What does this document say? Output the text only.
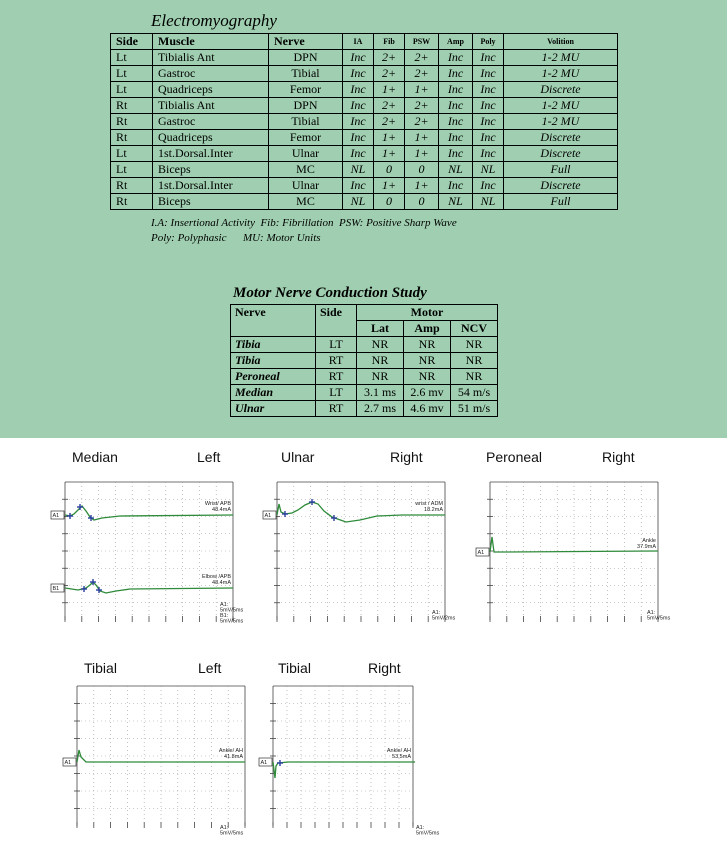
Electromyography
Side	Muscle	Nerve	IA	Fib	PSW	Amp	Poly	Volition
Lt	Tibialis Ant	DPN	Inc	2+	2+	Inc	Inc	1-2 MU
Lt	Gastroc	Tibial	Inc	2+	2+	Inc	Inc	1-2 MU
Lt	Quadriceps	Femor	Inc	1+	1+	Inc	Inc	Discrete
Rt	Tibialis Ant	DPN	Inc	2+	2+	Inc	Inc	1-2 MU
Rt	Gastroc	Tibial	Inc	2+	2+	Inc	Inc	1-2 MU
Rt	Quadriceps	Femor	Inc	1+	1+	Inc	Inc	Discrete
Lt	1st.Dorsal.Inter	Ulnar	Inc	1+	1+	Inc	Inc	Discrete
Lt	Biceps	MC	NL	0	0	NL	NL	Full
Rt	1st.Dorsal.Inter	Ulnar	Inc	1+	1+	Inc	Inc	Discrete
Rt	Biceps	MC	NL	0	0	NL	NL	Full
I.A: Insertional Activity  Fib: Fibrillation  PSW: Positive Sharp Wave
Poly: Polyphasic      MU: Motor Units
Motor Nerve Conduction Study
Nerve	Side	Motor		
		Lat	Amp	NCV
Tibia	LT	NR	NR	NR
Tibia	RT	NR	NR	NR
Peroneal	RT	NR	NR	NR
Median	LT	3.1 ms	2.6 mv	54 m/s
Ulnar	RT	2.7 ms	4.6 mv	51 m/s
Median	Left	Ulnar	Right	Peroneal	Right
Tibial	Left	Tibial	Right
A1
Wrist/ APB
48.4mA
B1
Elbow /APB
48.4mA
A1:
5mV/5ms
B1:
5mV/5ms
A1
wrist / ADM
18.2mA
A1:
5mV/2ms
A1
Ankle
37.9mA
A1:
5mV/5ms
A1
Ankle/ AH
41.8mA
A1:
5mV/5ms
A1
Ankle/ AH
53.5mA
A1:
5mV/5ms
